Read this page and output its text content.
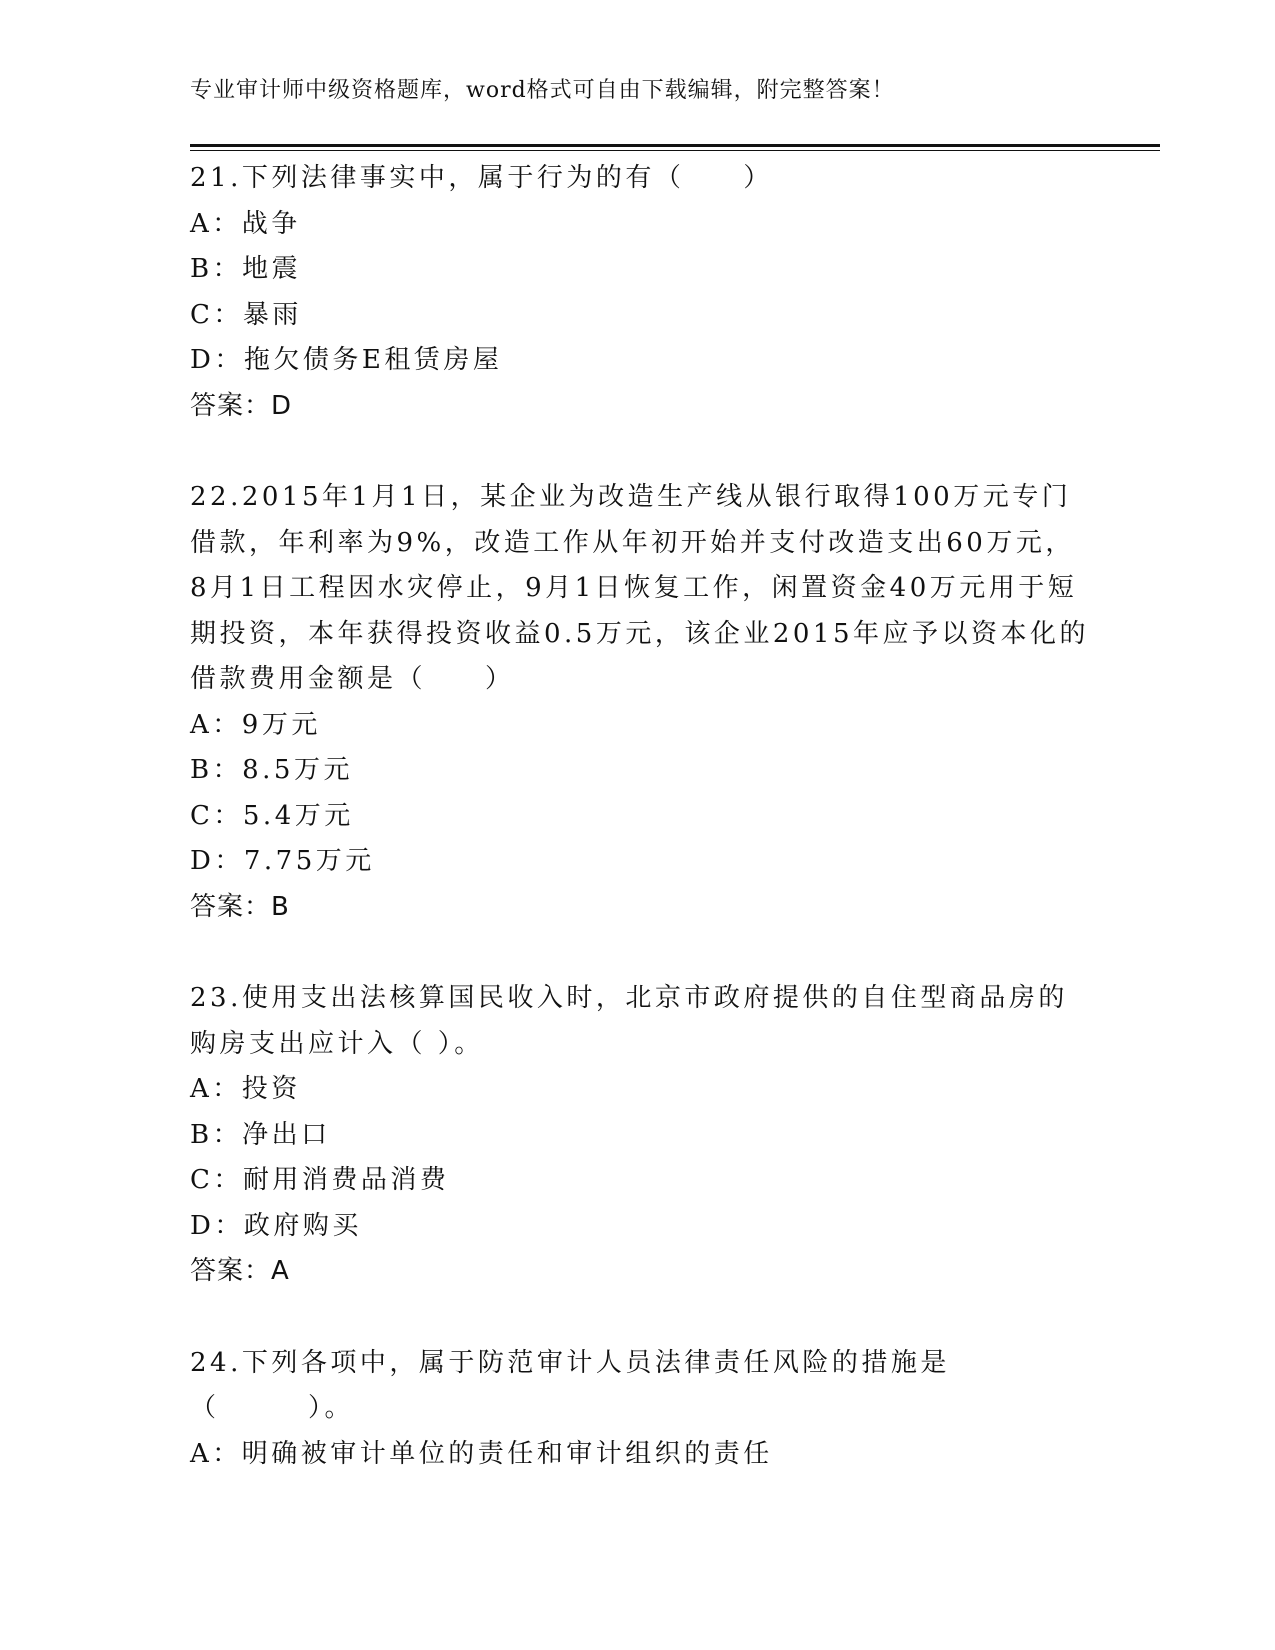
专业审计师中级资格题库，word格式可自由下载编辑，附完整答案！

21.下列法律事实中，属于行为的有（　　）

A：战争

B：地震

C：暴雨

D：拖欠债务E租赁房屋

答案：D

22.2015年1月1日，某企业为改造生产线从银行取得100万元专门借款，年利率为9%，改造工作从年初开始并支付改造支出60万元，8月1日工程因水灾停止，9月1日恢复工作，闲置资金40万元用于短期投资，本年获得投资收益0.5万元，该企业2015年应予以资本化的借款费用金额是（　　）

A：9万元

B：8.5万元

C：5.4万元

D：7.75万元

答案：B

23.使用支出法核算国民收入时，北京市政府提供的自住型商品房的购房支出应计入（ ）。

A：投资

B：净出口

C：耐用消费品消费

D：政府购买

答案：A

24.下列各项中，属于防范审计人员法律责任风险的措施是（　　　）。

A：明确被审计单位的责任和审计组织的责任
